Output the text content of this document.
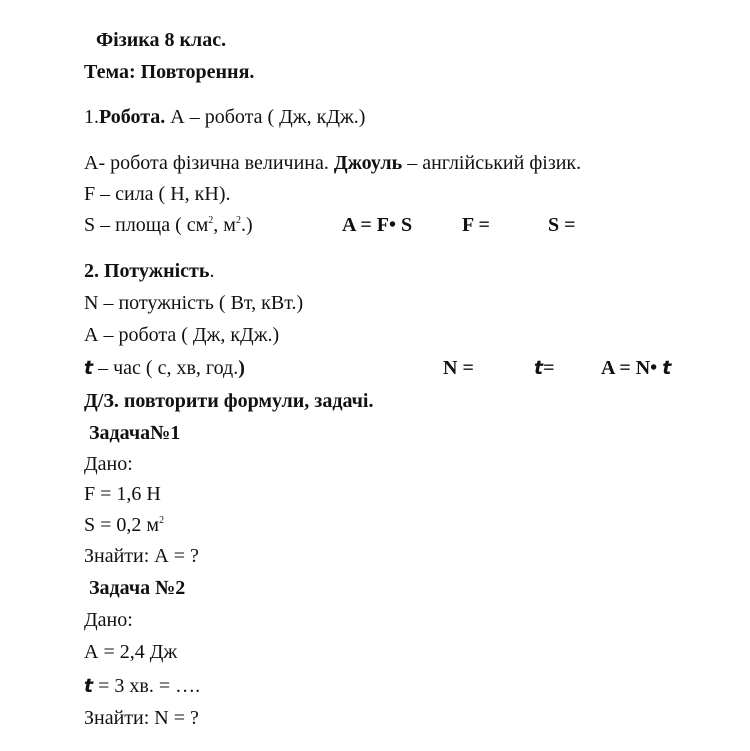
Фізика 8 клас.
Тема: Повторення.
1.Робота. А – робота ( Дж, кДж.)
А- робота фізична величина. Джоуль – англійський фізик.
F – сила ( Н, кН).
S – площа ( $см^2$, $м^2$.)	A = F• S F =	S =
2. Потужність.
N – потужність ( Вт, кВт.)
А – робота ( Дж, кДж.)
t – час ( с, хв, год.)	N =	t= A = N• t
Д/З. повторити формули, задачі.
Задача№1
Дано:
F = 1,6 Н
S = 0,2 $м^2$
Знайти: А = ?
Задача №2
Дано:
А = 2,4 Дж
t = 3 хв. = ….
Знайти: N = ?
